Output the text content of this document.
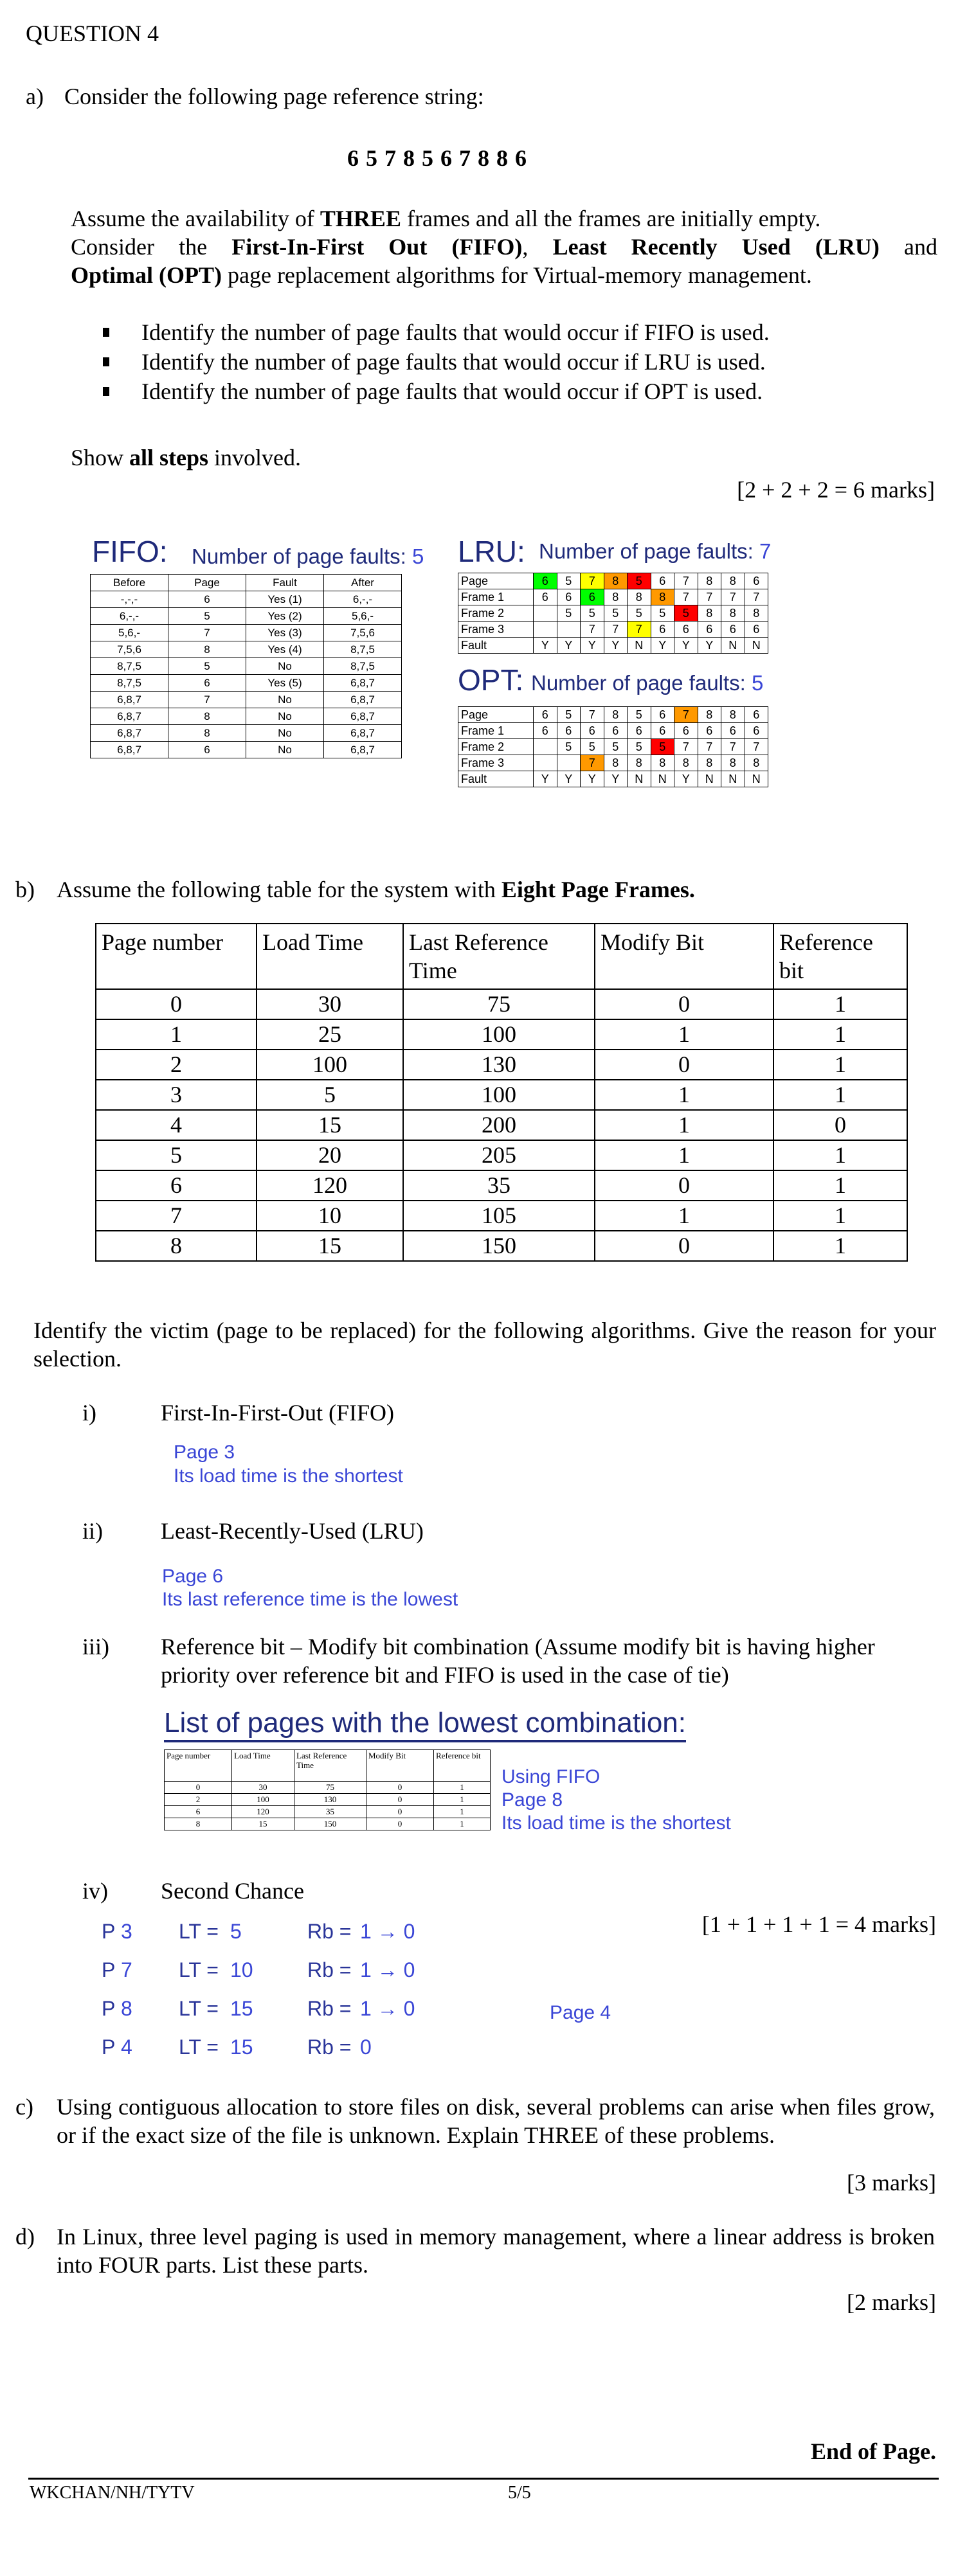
QUESTION 4
a) Consider the following page reference string:
6 5 7 8 5 6 7 8 8 6
Assume the availability of THREE frames and all the frames are initially empty.
Consider the First-In-First Out (FIFO), Least Recently Used (LRU) and
Optimal (OPT) page replacement algorithms for Virtual-memory management.
Identify the number of page faults that would occur if FIFO is used.
Identify the number of page faults that would occur if LRU is used.
Identify the number of page faults that would occur if OPT is used.
Show all steps involved.
[2 + 2 + 2 = 6 marks]
FIFO: Number of page faults: 5
Before	Page	Fault	After
-,-,-	6	Yes (1)	6,-,-
6,-,-	5	Yes (2)	5,6,-
5,6,-	7	Yes (3)	7,5,6
7,5,6	8	Yes (4)	8,7,5
8,7,5	5	No	8,7,5
8,7,5	6	Yes (5)	6,8,7
6,8,7	7	No	6,8,7
6,8,7	8	No	6,8,7
6,8,7	8	No	6,8,7
6,8,7	6	No	6,8,7
LRU: Number of page faults: 7
Page	6	5	7	8	5	6	7	8	8	6
Frame 1	6	6	6	8	8	8	7	7	7	7
Frame 2		5	5	5	5	5	5	8	8	8
Frame 3			7	7	7	6	6	6	6	6
Fault	Y	Y	Y	Y	N	Y	Y	Y	N	N
OPT: Number of page faults: 5
Page	6	5	7	8	5	6	7	8	8	6
Frame 1	6	6	6	6	6	6	6	6	6	6
Frame 2		5	5	5	5	5	7	7	7	7
Frame 3			7	8	8	8	8	8	8	8
Fault	Y	Y	Y	Y	N	N	Y	N	N	N
b) Assume the following table for the system with Eight Page Frames.
Page number	Load Time	Last Reference Time	Modify Bit	Reference bit
0	30	75	0	1
1	25	100	1	1
2	100	130	0	1
3	5	100	1	1
4	15	200	1	0
5	20	205	1	1
6	120	35	0	1
7	10	105	1	1
8	15	150	0	1
Identify the victim (page to be replaced) for the following algorithms. Give the reason for your selection.
i)	First-In-First-Out (FIFO)
Page 3
Its load time is the shortest
ii)	Least-Recently-Used (LRU)
Page 6
Its last reference time is the lowest
iii) Reference bit – Modify bit combination (Assume modify bit is having higher priority over reference bit and FIFO is used in the case of tie)
List of pages with the lowest combination:
Page number	Load Time	Last Reference Time	Modify Bit	Reference bit
0	30	75	0	1
2	100	130	0	1
6	120	35	0	1
8	15	150	0	1
Using FIFO
Page 8
Its load time is the shortest
iv) Second Chance
[1 + 1 + 1 + 1 = 4 marks]
P 3 LT = 5	Rb = 1 → 0
P 7 LT = 10	Rb = 1 → 0
P 8 LT = 15	Rb = 1 → 0
P 4 LT = 15	Rb = 0
Page 4
c) Using contiguous allocation to store files on disk, several problems can arise when files grow, or if the exact size of the file is unknown. Explain THREE of these problems.
[3 marks]
d) In Linux, three level paging is used in memory management, where a linear address is broken into FOUR parts. List these parts.
[2 marks]
End of Page.
WKCHAN/NH/TYTV	5/5
